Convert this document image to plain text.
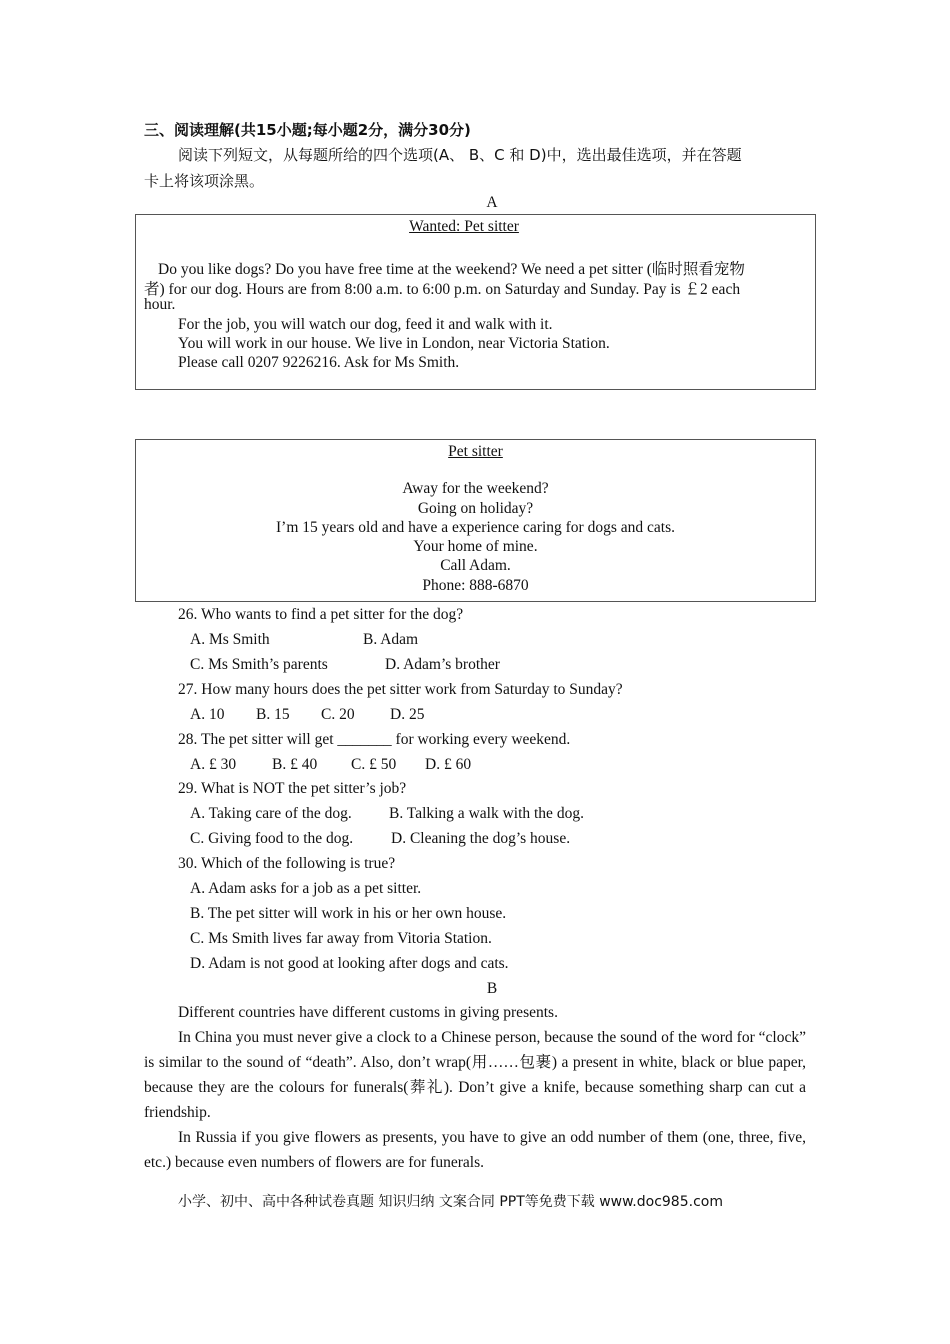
三、阅读理解(共15小题;每小题2分，满分30分)
阅读下列短文，从每题所给的四个选项(A、 B、C 和 D)中，选出最佳选项，并在答题
卡上将该项涂黑。
A
Wanted: Pet sitter
Do you like dogs? Do you have free time at the weekend? We need a pet sitter (临时照看宠物
者) for our dog. Hours are from 8:00 a.m. to 6:00 p.m. on Saturday and Sunday. Pay is ￡2 each
hour.
For the job, you will watch our dog, feed it and walk with it.
You will work in our house. We live in London, near Victoria Station.
Please call 0207 9226216. Ask for Ms Smith.
Pet sitter
Away for the weekend?
Going on holiday?
I’m 15 years old and have a experience caring for dogs and cats.
Your home of mine.
Call Adam.
Phone: 888-6870
26. Who wants to find a pet sitter for the dog?
A. Ms Smith	B. Adam
C. Ms Smith’s parents	D. Adam’s brother
27. How many hours does the pet sitter work from Saturday to Sunday?
A. 10 B. 15 C. 20 D. 25
28. The pet sitter will get _______ for working every weekend.
A. £ 30 B. £ 40 C. £ 50 D. £ 60
29. What is NOT the pet sitter’s job?
A. Taking care of the dog. B. Talking a walk with the dog.
C. Giving food to the dog. D. Cleaning the dog’s house.
30. Which of the following is true?
A. Adam asks for a job as a pet sitter.
B. The pet sitter will work in his or her own house.
C. Ms Smith lives far away from Vitoria Station.
D. Adam is not good at looking after dogs and cats.
B
Different countries have different customs in giving presents.
In China you must never give a clock to a Chinese person, because the sound of the word for “clock” is similar to the sound of “death”. Also, don’t wrap(用……包裹) a present in white, black or blue paper, because they are the colours for funerals(葬礼). Don’t give a knife, because something sharp can cut a friendship.
In Russia if you give flowers as presents, you have to give an odd number of them (one, three, five, etc.) because even numbers of flowers are for funerals.
小学、初中、高中各种试卷真题 知识归纳 文案合同 PPT等免费下载 www.doc985.com
